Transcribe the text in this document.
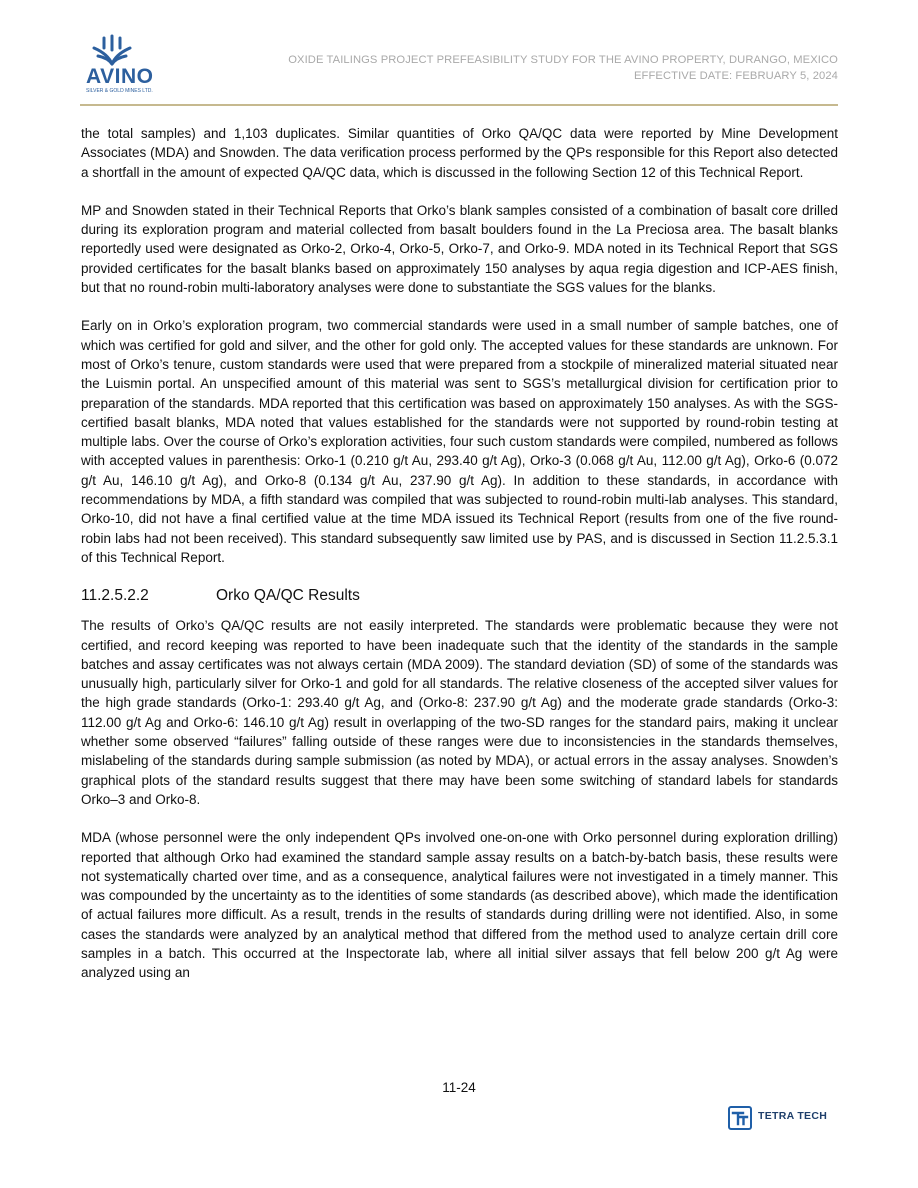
AVINO
SILVER & GOLD MINES LTD.
OXIDE TAILINGS PROJECT PREFEASIBILITY STUDY FOR THE AVINO PROPERTY, DURANGO, MEXICO
EFFECTIVE DATE: FEBRUARY 5, 2024

the total samples) and 1,103 duplicates. Similar quantities of Orko QA/QC data were reported by Mine Development Associates (MDA) and Snowden. The data verification process performed by the QPs responsible for this Report also detected a shortfall in the amount of expected QA/QC data, which is discussed in the following Section 12 of this Technical Report.

MP and Snowden stated in their Technical Reports that Orko’s blank samples consisted of a combination of basalt core drilled during its exploration program and material collected from basalt boulders found in the La Preciosa area. The basalt blanks reportedly used were designated as Orko-2, Orko-4, Orko-5, Orko-7, and Orko-9. MDA noted in its Technical Report that SGS provided certificates for the basalt blanks based on approximately 150 analyses by aqua regia digestion and ICP-AES finish, but that no round-robin multi-laboratory analyses were done to substantiate the SGS values for the blanks.

Early on in Orko’s exploration program, two commercial standards were used in a small number of sample batches, one of which was certified for gold and silver, and the other for gold only. The accepted values for these standards are unknown. For most of Orko’s tenure, custom standards were used that were prepared from a stockpile of mineralized material situated near the Luismin portal. An unspecified amount of this material was sent to SGS’s metallurgical division for certification prior to preparation of the standards. MDA reported that this certification was based on approximately 150 analyses. As with the SGS-certified basalt blanks, MDA noted that values established for the standards were not supported by round-robin testing at multiple labs. Over the course of Orko’s exploration activities, four such custom standards were compiled, numbered as follows with accepted values in parenthesis: Orko-1 (0.210 g/t Au, 293.40 g/t Ag), Orko-3 (0.068 g/t Au, 112.00 g/t Ag), Orko-6 (0.072 g/t Au, 146.10 g/t Ag), and Orko-8 (0.134 g/t Au, 237.90 g/t Ag). In addition to these standards, in accordance with recommendations by MDA, a fifth standard was compiled that was subjected to round-robin multi-lab analyses. This standard, Orko-10, did not have a final certified value at the time MDA issued its Technical Report (results from one of the five round-robin labs had not been received). This standard subsequently saw limited use by PAS, and is discussed in Section 11.2.5.3.1 of this Technical Report.

11.2.5.2.2	Orko QA/QC Results

The results of Orko’s QA/QC results are not easily interpreted. The standards were problematic because they were not certified, and record keeping was reported to have been inadequate such that the identity of the standards in the sample batches and assay certificates was not always certain (MDA 2009). The standard deviation (SD) of some of the standards was unusually high, particularly silver for Orko-1 and gold for all standards. The relative closeness of the accepted silver values for the high grade standards (Orko-1: 293.40 g/t Ag, and (Orko-8: 237.90 g/t Ag) and the moderate grade standards (Orko-3: 112.00 g/t Ag and Orko-6: 146.10 g/t Ag) result in overlapping of the two-SD ranges for the standard pairs, making it unclear whether some observed “failures” falling outside of these ranges were due to inconsistencies in the standards themselves, mislabeling of the standards during sample submission (as noted by MDA), or actual errors in the assay analyses. Snowden’s graphical plots of the standard results suggest that there may have been some switching of standard labels for standards Orko–3 and Orko-8.

MDA (whose personnel were the only independent QPs involved one-on-one with Orko personnel during exploration drilling) reported that although Orko had examined the standard sample assay results on a batch-by-batch basis, these results were not systematically charted over time, and as a consequence, analytical failures were not investigated in a timely manner. This was compounded by the uncertainty as to the identities of some standards (as described above), which made the identification of actual failures more difficult. As a result, trends in the results of standards during drilling were not identified. Also, in some cases the standards were analyzed by an analytical method that differed from the method used to analyze certain drill core samples in a batch. This occurred at the Inspectorate lab, where all initial silver assays that fell below 200 g/t Ag were analyzed using an

11-24
TETRA TECH
